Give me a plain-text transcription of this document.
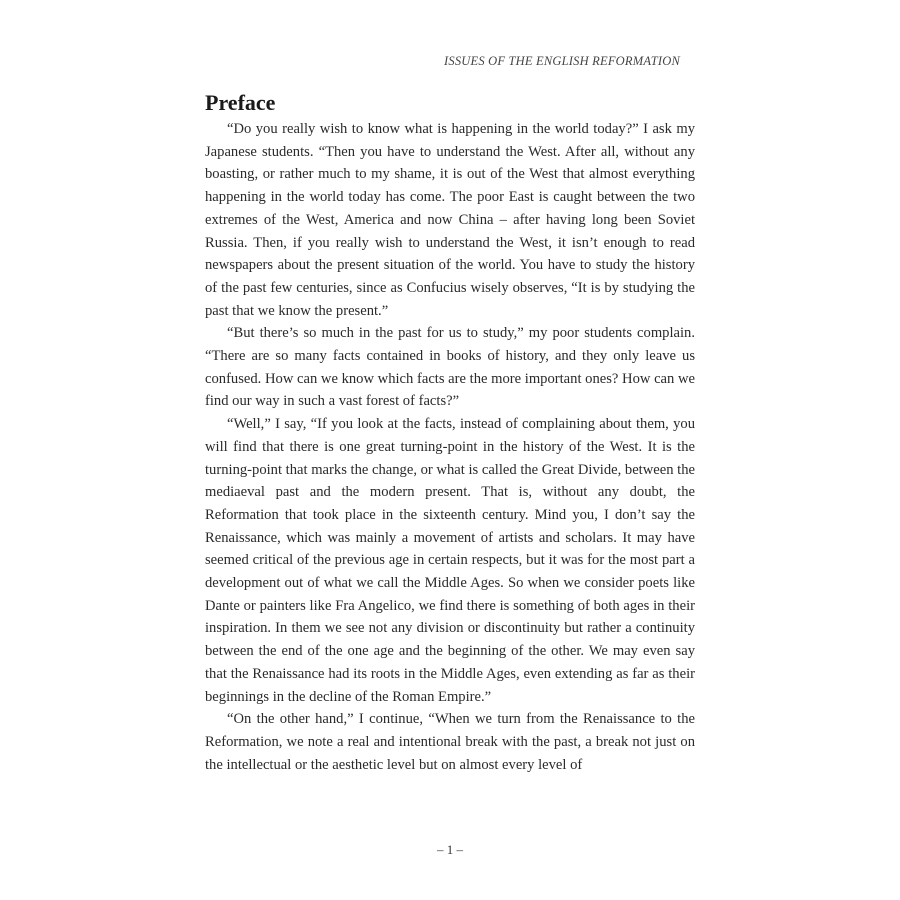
ISSUES OF THE ENGLISH REFORMATION
Preface

“Do you really wish to know what is happening in the world today?” I ask my Japanese students. “Then you have to understand the West. After all, without any boasting, or rather much to my shame, it is out of the West that almost everything happening in the world today has come. The poor East is caught between the two extremes of the West, America and now China – after having long been Soviet Russia. Then, if you really wish to understand the West, it isn’t enough to read newspapers about the present situation of the world. You have to study the history of the past few centuries, since as Confucius wisely observes, “It is by studying the past that we know the present.”

“But there’s so much in the past for us to study,” my poor students complain. “There are so many facts contained in books of history, and they only leave us confused. How can we know which facts are the more important ones? How can we find our way in such a vast forest of facts?”

“Well,” I say, “If you look at the facts, instead of complaining about them, you will find that there is one great turning-point in the history of the West. It is the turning-point that marks the change, or what is called the Great Divide, between the mediaeval past and the modern present. That is, without any doubt, the Reformation that took place in the sixteenth century. Mind you, I don’t say the Renaissance, which was mainly a movement of artists and scholars. It may have seemed critical of the previous age in certain respects, but it was for the most part a development out of what we call the Middle Ages. So when we consider poets like Dante or painters like Fra Angelico, we find there is something of both ages in their inspiration. In them we see not any division or discontinuity but rather a continuity between the end of the one age and the beginning of the other. We may even say that the Renaissance had its roots in the Middle Ages, even extending as far as their beginnings in the decline of the Roman Empire.”

“On the other hand,” I continue, “When we turn from the Renaissance to the Reformation, we note a real and intentional break with the past, a break not just on the intellectual or the aesthetic level but on almost every level of

– 1 –
